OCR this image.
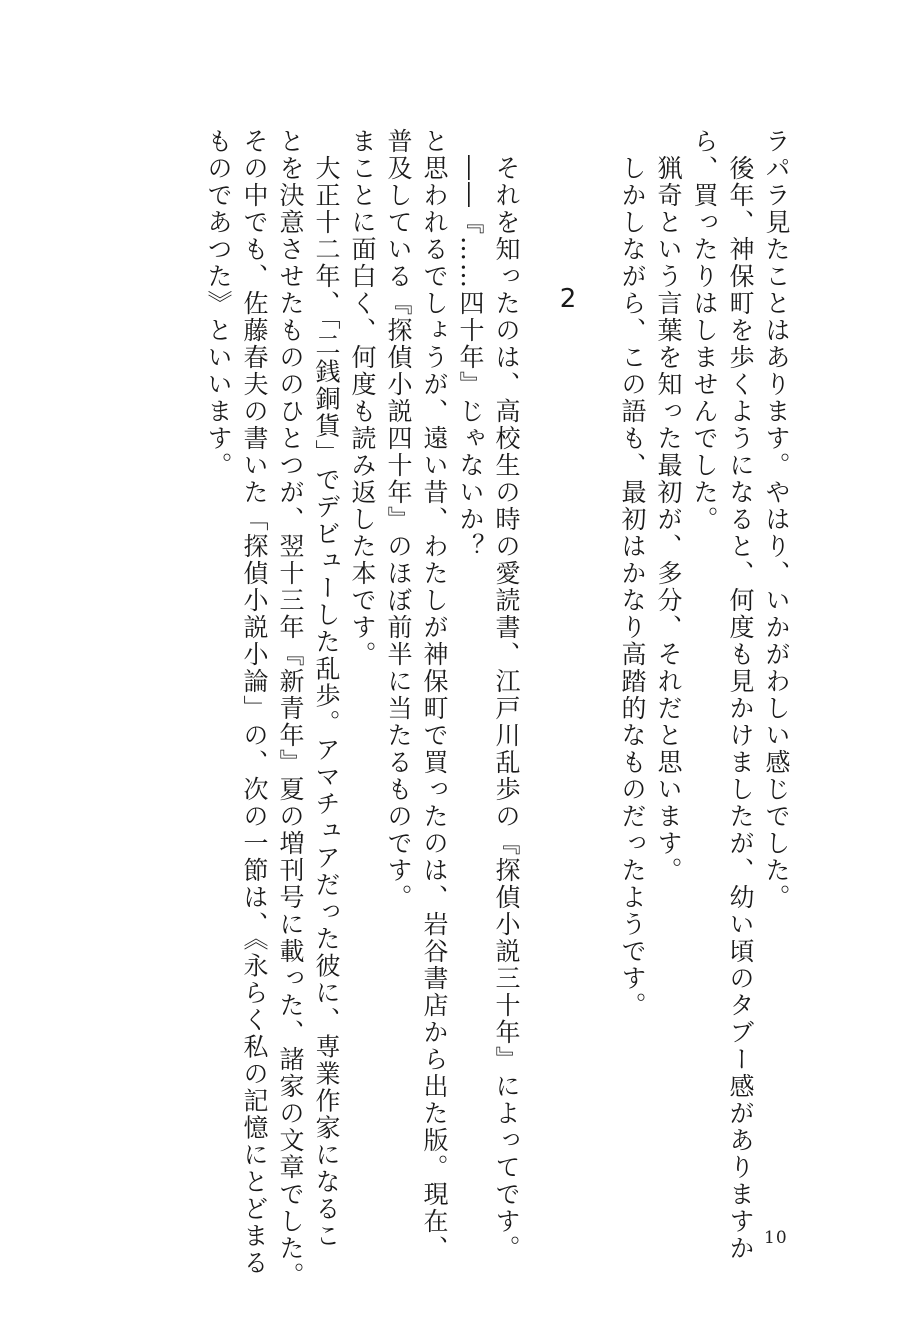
ラパラ見たことはあります。やはり、いかがわしい感じでした。
　後年、神保町を歩くようになると、何度も見かけましたが、幼い頃のタブー感がありますか
ら、買ったりはしませんでした。
　猟奇という言葉を知った最初が、多分、それだと思います。
　しかしながら、この語も、最初はかなり高踏的なものだったようです。
2
　それを知ったのは、高校生の時の愛読書、江戸川乱歩の『探偵小説三十年』によってです。
　――『……四十年』じゃないか？
と思われるでしょうが、遠い昔、わたしが神保町で買ったのは、岩谷書店から出た版。現在、
普及している『探偵小説四十年』のほぼ前半に当たるものです。
まことに面白く、何度も読み返した本です。
　大正十二年、「二銭銅貨」でデビューした乱歩。アマチュアだった彼に、専業作家になるこ
とを決意させたもののひとつが、翌十三年『新青年』夏の増刊号に載った、諸家の文章でした。
その中でも、佐藤春夫の書いた「探偵小説小論」の、次の一節は、《永らく私の記憶にとどまる
ものであつた》といいます。
10
